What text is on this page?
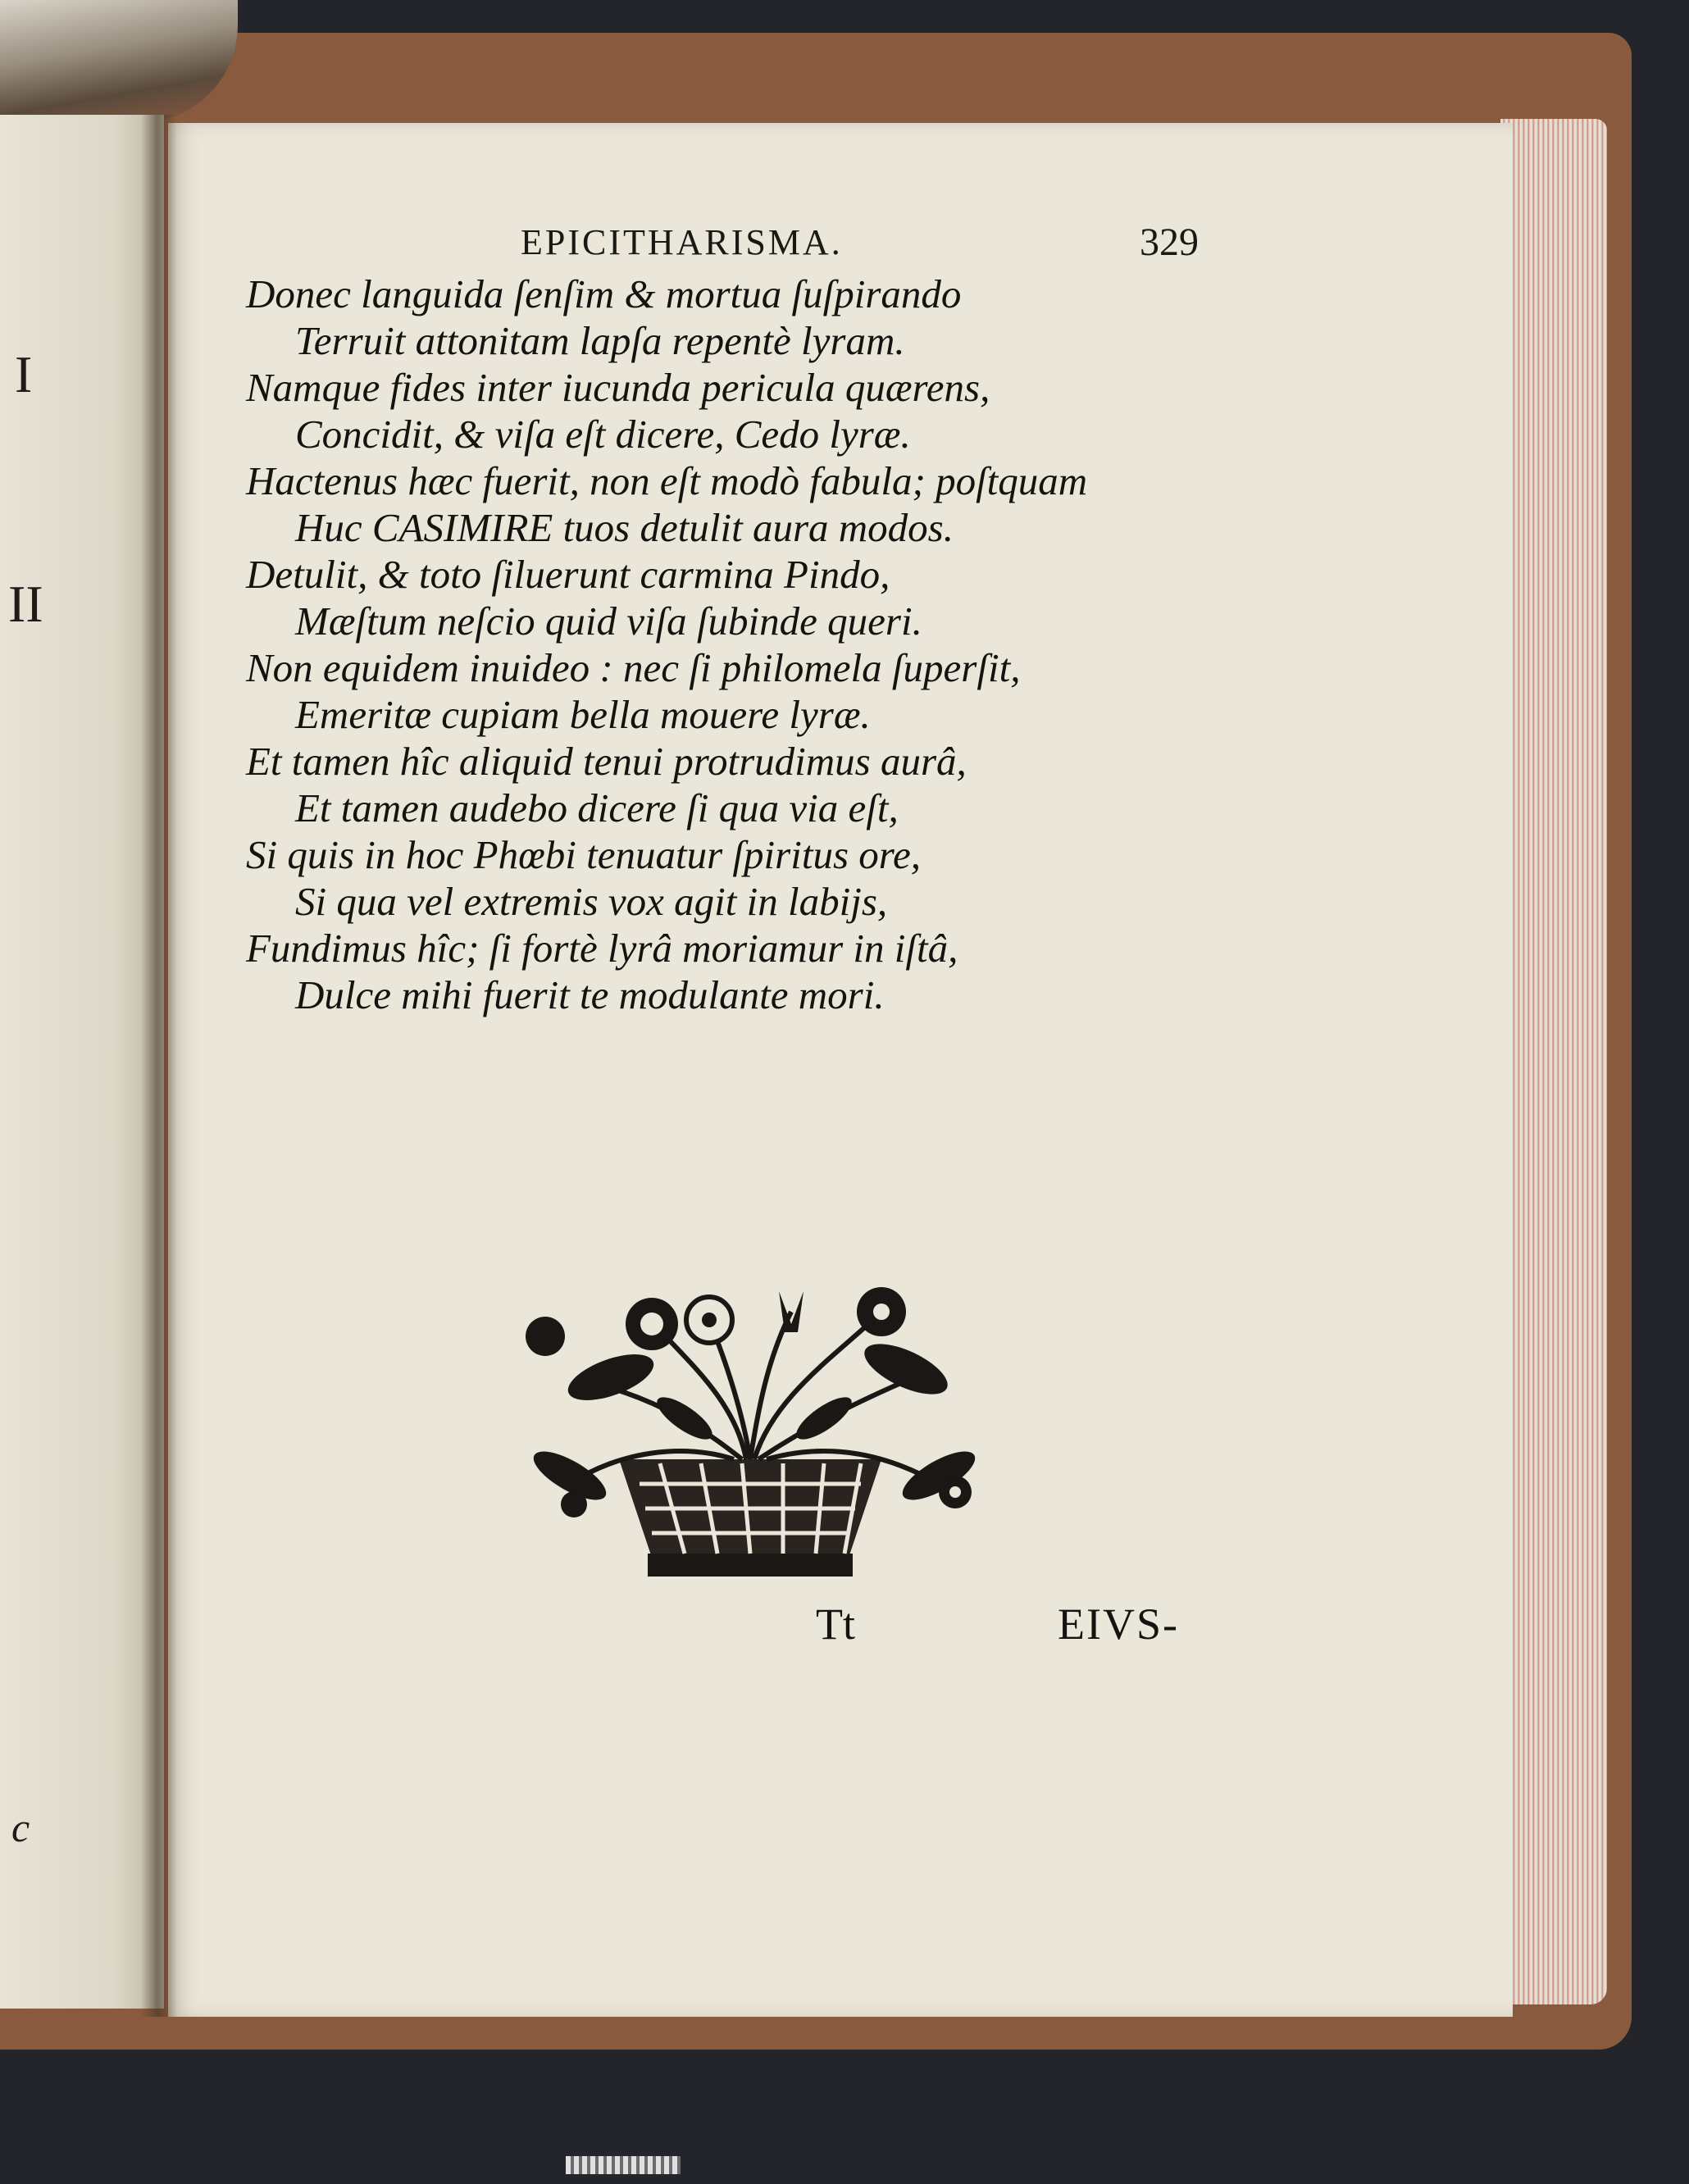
I
II
c
EPICITHARISMA.	329
Donec languida ſenſim & mortua ſuſpirando
Terruit attonitam lapſa repentè lyram.
Namque fides inter iucunda pericula quærens,
Concidit, & viſa eſt dicere, Cedo lyræ.
Hactenus hæc fuerit, non eſt modò fabula; poſtquam
Huc CASIMIRE tuos detulit aura modos.
Detulit, & toto ſiluerunt carmina Pindo,
Mæſtum neſcio quid viſa ſubinde queri.
Non equidem inuideo : nec ſi philomela ſuperſit,
Emeritæ cupiam bella mouere lyræ.
Et tamen hîc aliquid tenui protrudimus aurâ,
Et tamen audebo dicere ſi qua via eſt,
Si quis in hoc Phœbi tenuatur ſpiritus ore,
Si qua vel extremis vox agit in labijs,
Fundimus hîc; ſi fortè lyrâ moriamur in iſtâ,
Dulce mihi fuerit te modulante mori.
Tt	EIVS-
